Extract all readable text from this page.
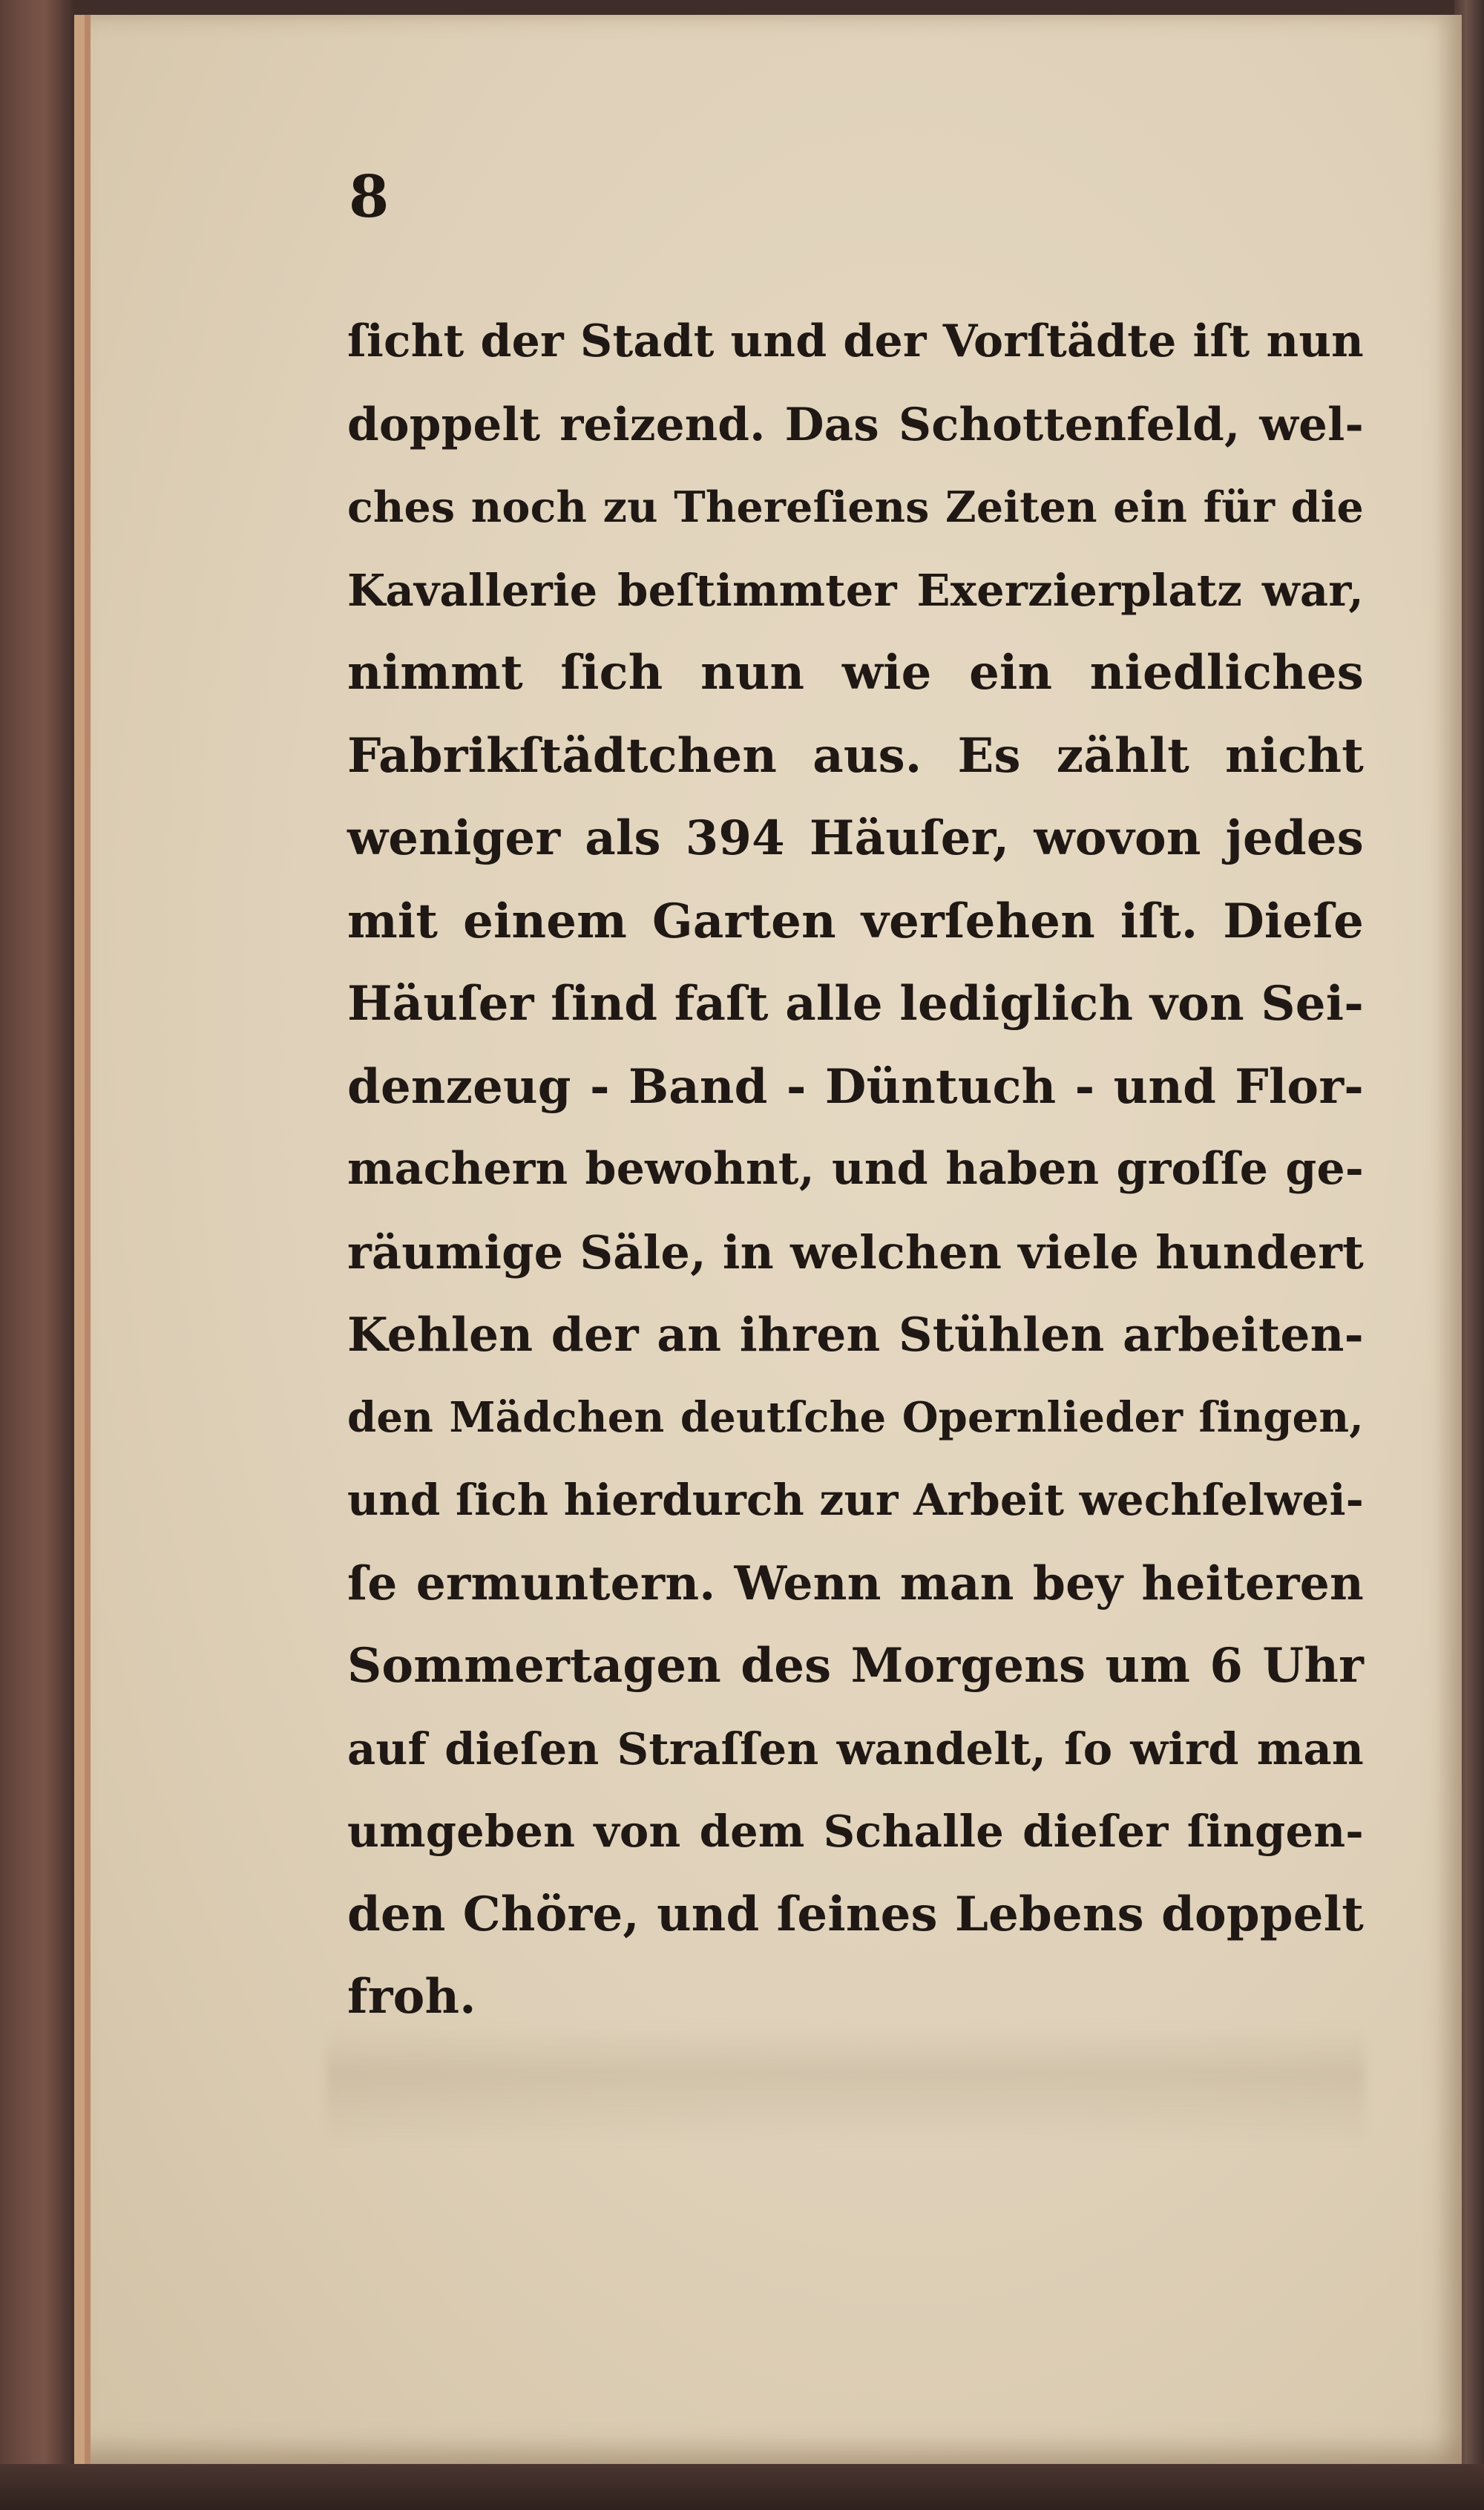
8
ſicht der Stadt und der Vorſtädte iſt nun
doppelt reizend. Das Schottenfeld, wel-
ches noch zu Thereſiens Zeiten ein für die
Kavallerie beſtimmter Exerzierplatz war,
nimmt ſich nun wie ein niedliches
Fabrikſtädtchen aus. Es zählt nicht
weniger als 394 Häuſer, wovon jedes
mit einem Garten verſehen iſt. Dieſe
Häuſer ſind faſt alle lediglich von Sei-
denzeug - Band - Düntuch - und Flor-
machern bewohnt, und haben groſſe ge-
räumige Säle, in welchen viele hundert
Kehlen der an ihren Stühlen arbeiten-
den Mädchen deutſche Opernlieder ſingen,
und ſich hierdurch zur Arbeit wechſelwei-
ſe ermuntern. Wenn man bey heiteren
Sommertagen des Morgens um 6 Uhr
auf dieſen Straſſen wandelt, ſo wird man
umgeben von dem Schalle dieſer ſingen-
den Chöre, und ſeines Lebens doppelt
froh.
